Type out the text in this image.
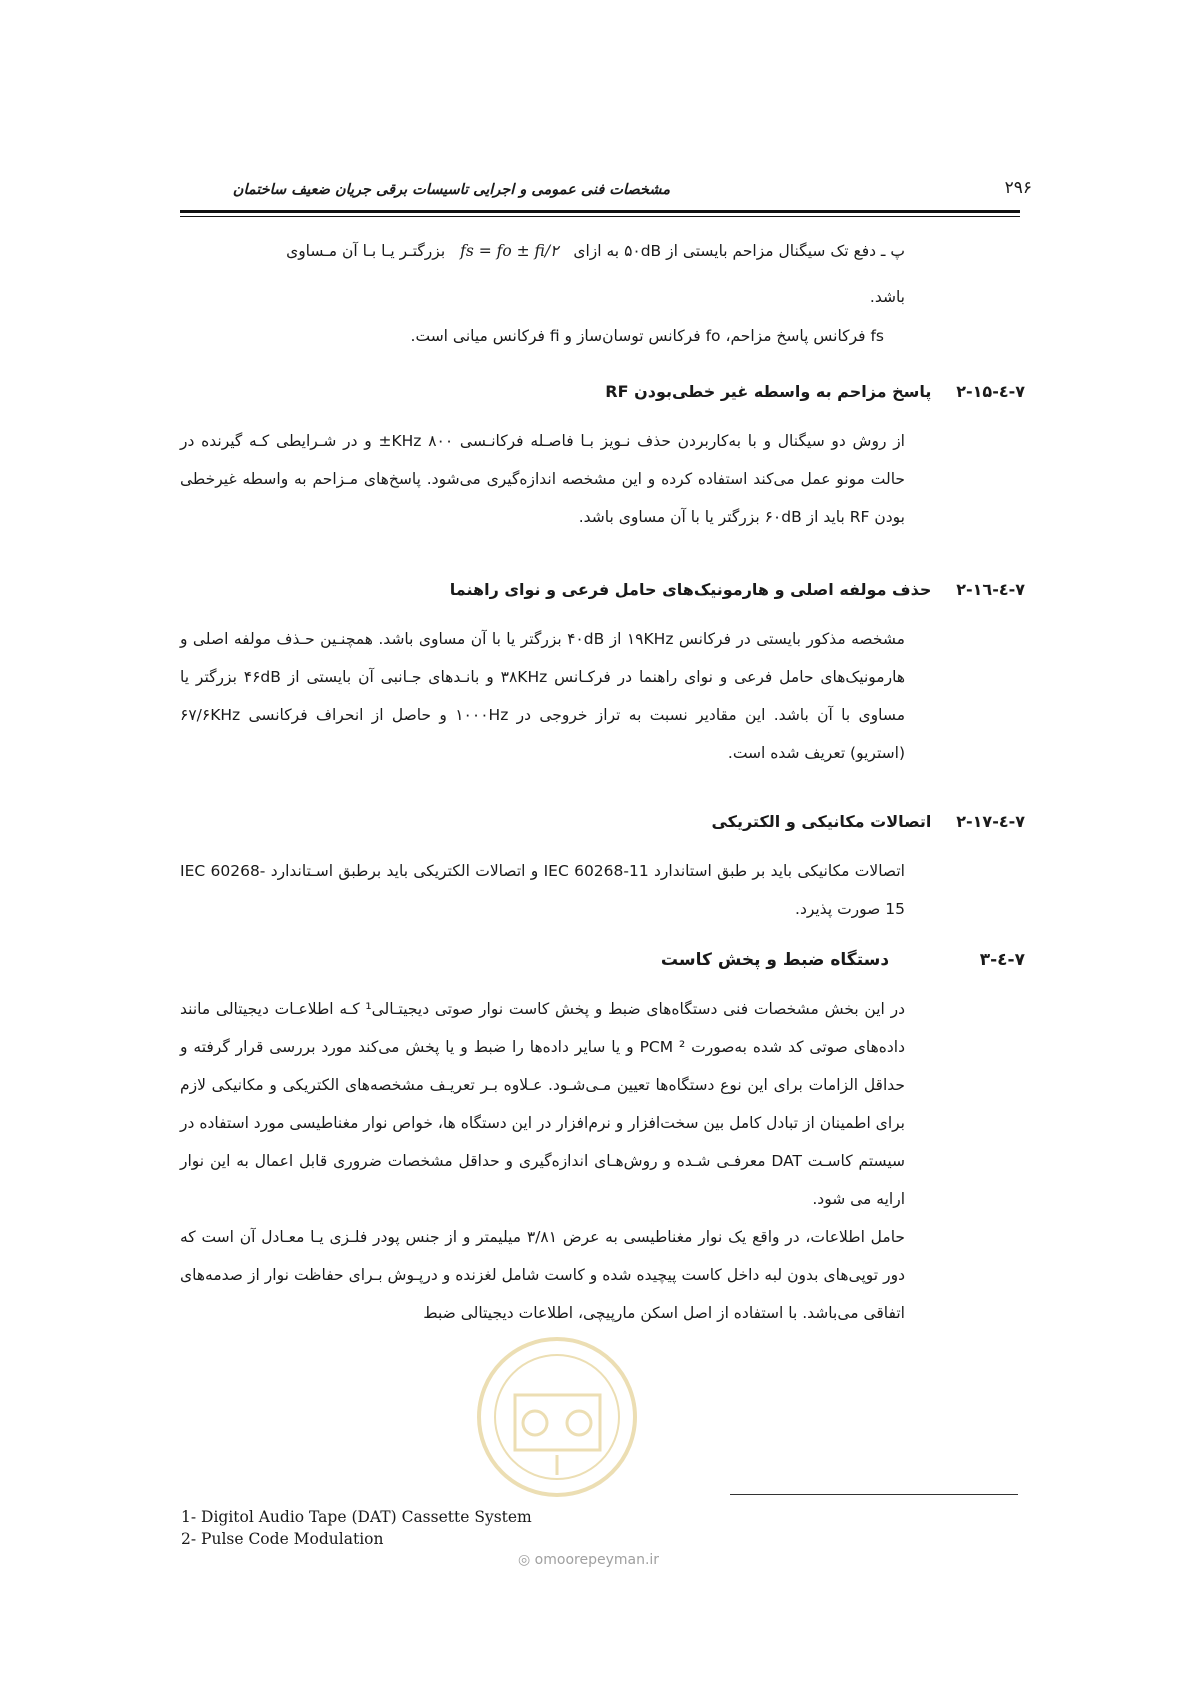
۲۹۶
مشخصات فنی عمومی و اجرایی تاسیسات برقی جریان ضعیف ساختمان
پ ـ دفع تک سیگنال مزاحم بایستی از ۵۰dB به ازای fs = fo ± fi/۲ بزرگتـر یـا بـا آن مـساوی
باشد.
fs فرکانس پاسخ مزاحم، fo فرکانس توسان‌ساز و fi فرکانس میانی است.
۷-٤-۲-۱۵ پاسخ مزاحم به واسطه غیر خطی‌بودن RF
از روش دو سیگنال و با به‌کاربردن حذف نـویز بـا فاصـله فرکانـسی ۸۰۰ KHz± و در شـرایطی کـه گیرنده در حالت مونو عمل می‌کند استفاده کرده و این مشخصه اندازه‌گیری می‌شود. پاسخ‌های مـزاحم به واسطه غیرخطی بودن RF باید از ۶۰dB بزرگتر یا با آن مساوی باشد.
۷-٤-۲-۱٦ حذف مولفه اصلی و هارمونیک‌های حامل فرعی و نوای راهنما
مشخصه مذکور بایستی در فرکانس ۱۹KHz از ۴۰dB بزرگتر یا با آن مساوی باشد. همچنـین حـذف مولفه اصلی و هارمونیک‌های حامل فرعی و نوای راهنما در فرکـانس ۳۸KHz و بانـدهای جـانبی آن بایستی از ۴۶dB بزرگتر یا مساوی با آن باشد. این مقادیر نسبت به تراز خروجی در ۱۰۰۰Hz و حاصل از انحراف فرکانسی ۶۷/۶KHz (استریو) تعریف شده است.
۷-٤-۲-۱۷ اتصالات مکانیکی و الکتریکی
اتصالات مکانیکی باید بر طبق استاندارد IEC 60268-11 و اتصالات الکتریکی باید برطبق اسـتاندارد IEC 60268-15 صورت پذیرد.
۷-٤-۳ دستگاه ضبط و پخش کاست
در این بخش مشخصات فنی دستگاه‌های ضبط و پخش کاست نوار صوتی دیجیتـالی¹ کـه اطلاعـات دیجیتالی مانند داده‌های صوتی کد شده به‌صورت PCM ² و یا سایر داده‌ها را ضبط و یا پخش می‌کند مورد بررسی قرار گرفته و حداقل الزامات برای این نوع دستگاه‌ها تعیین مـی‌شـود. عـلاوه بـر تعریـف مشخصه‌های الکتریکی و مکانیکی لازم برای اطمینان از تبادل کامل بین سخت‌افزار و نرم‌افزار در این دستگاه ها، خواص نوار مغناطیسی مورد استفاده در سیستم کاسـت DAT معرفـی شـده و روش‌هـای اندازه‌گیری و حداقل مشخصات ضروری قابل اعمال به این نوار ارایه می شود.
حامل اطلاعات، در واقع یک نوار مغناطیسی به عرض ۳/۸۱ میلیمتر و از جنس پودر فلـزی یـا معـادل آن است که دور توپی‌های بدون لبه داخل کاست پیچیده شده و کاست شامل لغزنده و درپـوش بـرای حفاظت نوار از صدمه‌های اتفاقی می‌باشد. با استفاده از اصل اسکن مارپیچی، اطلاعات دیجیتالی ضبط
1- Digitol Audio Tape (DAT) Cassette System
2- Pulse Code Modulation
◎ omoorepeyman.ir
